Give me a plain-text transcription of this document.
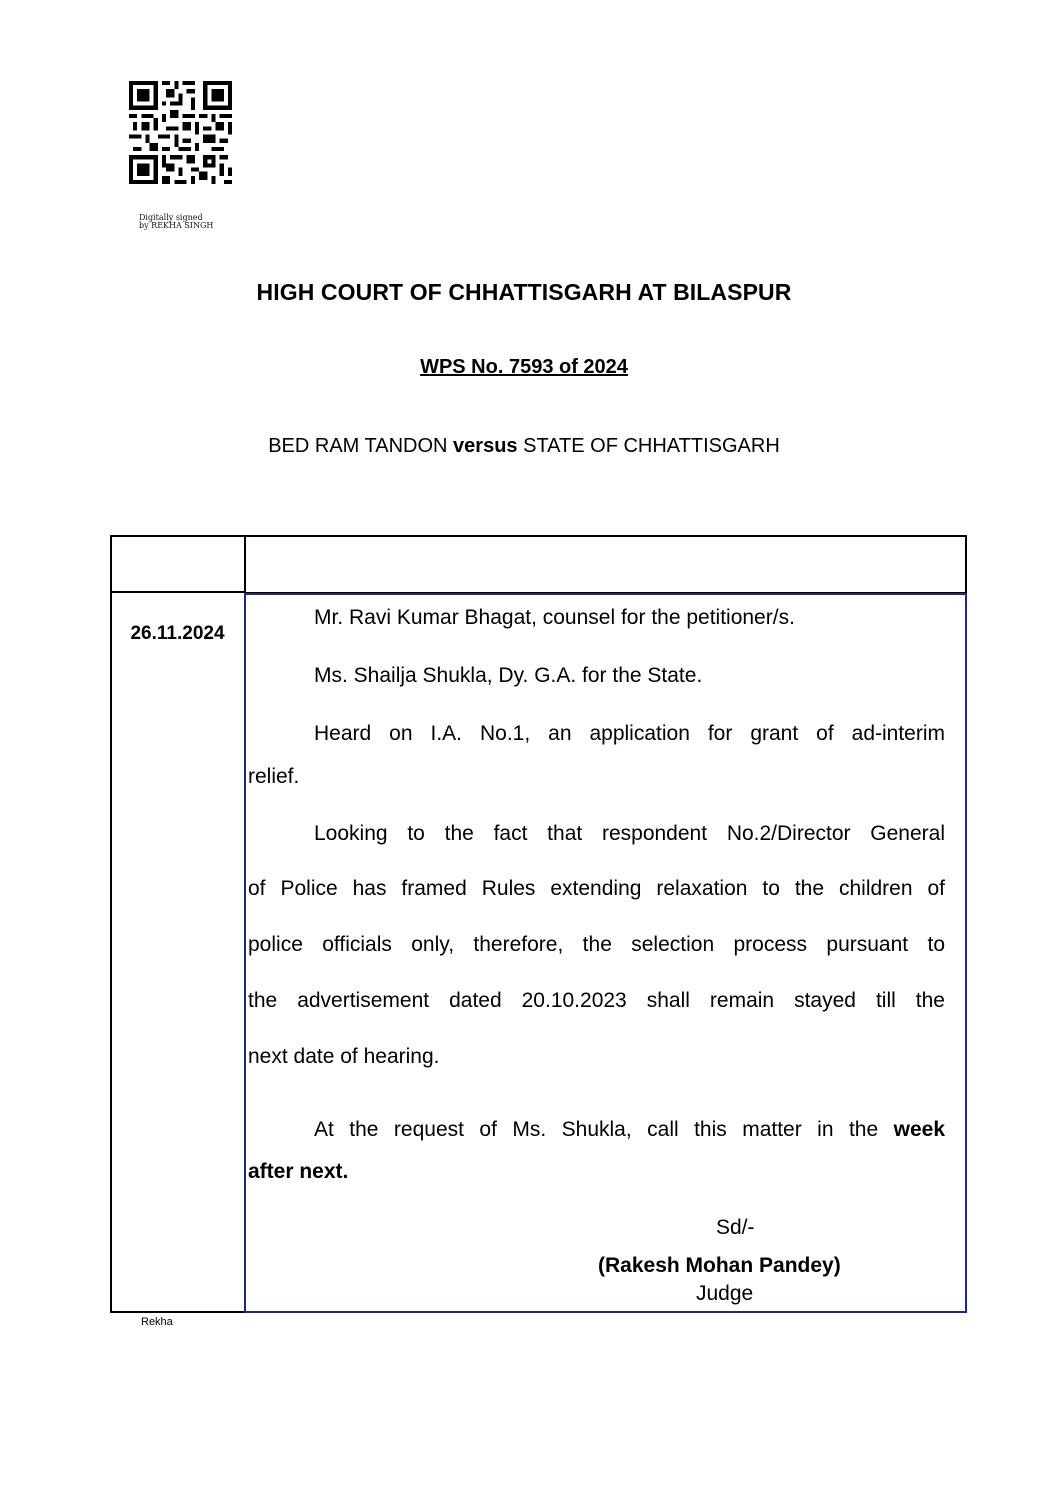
Digitally signed
by REKHA SINGH
HIGH COURT OF CHHATTISGARH AT BILASPUR
WPS No. 7593 of 2024
BED RAM TANDON versus STATE OF CHHATTISGARH
26.11.2024
Mr. Ravi Kumar Bhagat, counsel for the petitioner/s.
Ms. Shailja Shukla, Dy. G.A. for the State.
Heard on I.A. No.1, an application for grant of ad-interim
relief.
Looking to the fact that respondent No.2/Director General
of Police has framed Rules extending relaxation to the children of
police officials only, therefore, the selection process pursuant to
the advertisement dated 20.10.2023 shall remain stayed till the
next date of hearing.
At the request of Ms. Shukla, call this matter in the week
after next.
Sd/-
(Rakesh Mohan Pandey)
Judge
Rekha
